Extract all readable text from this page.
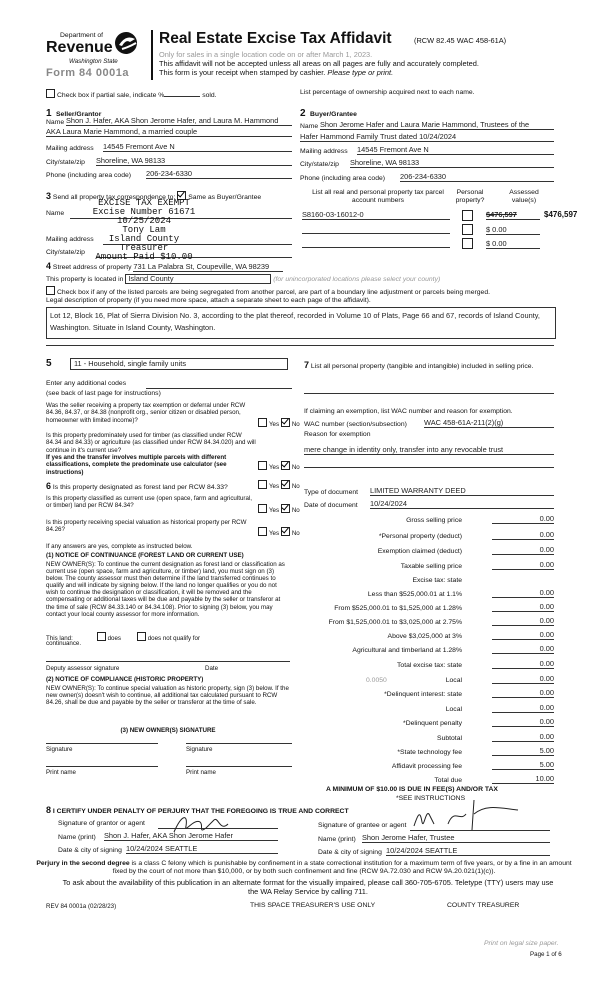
Department of
Revenue
Washington State
Form 84 0001a
Real Estate Excise Tax Affidavit	(RCW 82.45 WAC 458-61A)
Only for sales in a single location code on or after March 1, 2023.
This affidavit will not be accepted unless all areas on all pages are fully and accurately completed.
This form is your receipt when stamped by cashier. Please type or print.
Check box if partial sale, indicate %	sold.	List percentage of ownership acquired next to each name.
1 Seller/Grantor
Name Shon J. Hafer, AKA Shon Jerome Hafer, and Laura M. Hammond
AKA Laura Marie Hammond, a married couple
Mailing address 14545 Fremont Ave N
City/state/zip Shoreline, WA 98133
Phone (including area code) 206-234-6330
2 Buyer/Grantee
Name Shon Jerome Hafer and Laura Marie Hammond, Trustees of the
Hafer Hammond Family Trust dated 10/24/2024
Mailing address 14545 Fremont Ave N
City/state/zip Shoreline, WA 98133
Phone (including area code) 206-234-6330
3 Send all property tax correspondence to: Same as Buyer/Grantee
Name
Mailing address
City/state/zip
EXCISE TAX EXEMPT
Excise Number 61671
10/25/2024
Tony Lam
Island County Treasurer
Amount Paid $10.00
List all real and personal property tax parcel account numbers
Personal property?
Assessed value(s)
S8160-03-16012-0	$476,597	$476,597
$ 0.00
$ 0.00
4 Street address of property 731 La Palabra St, Coupeville, WA 98239
This property is located in Island County	(for unincorporated locations please select your county)
Check box if any of the listed parcels are being segregated from another parcel, are part of a boundary line adjustment or parcels being merged.
Legal description of property (if you need more space, attach a separate sheet to each page of the affidavit).
Lot 12, Block 16, Plat of Sierra Division No. 3, according to the plat thereof, recorded in Volume 10 of Plats, Page 66 and 67, records of Island County, Washington. Situate in Island County, Washington.
5	11 - Household, single family units
Enter any additional codes
(see back of last page for instructions)
Was the seller receiving a property tax exemption or deferral under RCW 84.36, 84.37, or 84.38 (nonprofit org., senior citizen or disabled person, homeowner with limited income)?
Yes No
Is this property predominately used for timber (as classified under RCW 84.34 and 84.33) or agriculture (as classified under RCW 84.34.020) and will continue in it's current use?
If yes and the transfer involves multiple parcels with different classifications, complete the predominate use calculator (see instructions)
Yes No
6 Is this property designated as forest land per RCW 84.33?	Yes No
Is this property classified as current use (open space, farm and agricultural, or timber) land per RCW 84.34?
Yes No
Is this property receiving special valuation as historical property per RCW 84.26?
Yes No
If any answers are yes, complete as instructed below.
(1) NOTICE OF CONTINUANCE (FOREST LAND OR CURRENT USE)
NEW OWNER(S): To continue the current designation as forest land or classification as current use (open space, farm and agriculture, or timber) land, you must sign on (3) below. The county assessor must then determine if the land transferred continues to qualify and will indicate by signing below. If the land no longer qualifies or you do not wish to continue the designation or classification, it will be removed and the compensating or additional taxes will be due and payable by the seller or transferor at the time of sale (RCW 84.33.140 or 84.34.108). Prior to signing (3) below, you may contact your local county assessor for more information.
This land:	does	does not qualify for
continuance.
Deputy assessor signature	Date
(2) NOTICE OF COMPLIANCE (HISTORIC PROPERTY)
NEW OWNER(S): To continue special valuation as historic property, sign (3) below. If the new owner(s) doesn't wish to continue, all additional tax calculated pursuant to RCW 84.26, shall be due and payable by the seller or transferor at the time of sale.
(3) NEW OWNER(S) SIGNATURE
Signature	Signature
Print name	Print name
7 List all personal property (tangible and intangible) included in selling price.
If claiming an exemption, list WAC number and reason for exemption.
WAC number (section/subsection) WAC 458-61A-211(2)(g)
Reason for exemption
mere change in identity only, transfer into any revocable trust
Type of document LIMITED WARRANTY DEED
Date of document 10/24/2024
Gross selling price	0.00
*Personal property (deduct)	0.00
Exemption claimed (deduct)	0.00
Taxable selling price	0.00
Excise tax: state
Less than $525,000.01 at 1.1%	0.00
From $525,000.01 to $1,525,000 at 1.28%	0.00
From $1,525,000.01 to $3,025,000 at 2.75%	0.00
Above $3,025,000 at 3%	0.00
Agricultural and timberland at 1.28%	0.00
Total excise tax: state	0.00
0.0050	Local	0.00
*Delinquent interest: state	0.00
Local	0.00
*Delinquent penalty	0.00
Subtotal	0.00
*State technology fee	5.00
Affidavit processing fee	5.00
Total due	10.00
A MINIMUM OF $10.00 IS DUE IN FEE(S) AND/OR TAX
*SEE INSTRUCTIONS
8 I CERTIFY UNDER PENALTY OF PERJURY THAT THE FOREGOING IS TRUE AND CORRECT
Signature of grantor or agent
Name (print) Shon J. Hafer, AKA Shon Jerome Hafer
Date & city of signing 10/24/2024 SEATTLE
Signature of grantee or agent
Name (print) Shon Jerome Hafer, Trustee
Date & city of signing 10/24/2024 SEATTLE
Perjury in the second degree is a class C felony which is punishable by confinement in a state correctional institution for a maximum term of five years, or by a fine in an amount fixed by the court of not more than $10,000, or by both such confinement and fine (RCW 9A.72.030 and RCW 9A.20.021(1)(c)).
To ask about the availability of this publication in an alternate format for the visually impaired, please call 360-705-6705. Teletype (TTY) users may use the WA Relay Service by calling 711.
REV 84 0001a (02/28/23)	THIS SPACE TREASURER'S USE ONLY	COUNTY TREASURER
Print on legal size paper.
Page 1 of 6
